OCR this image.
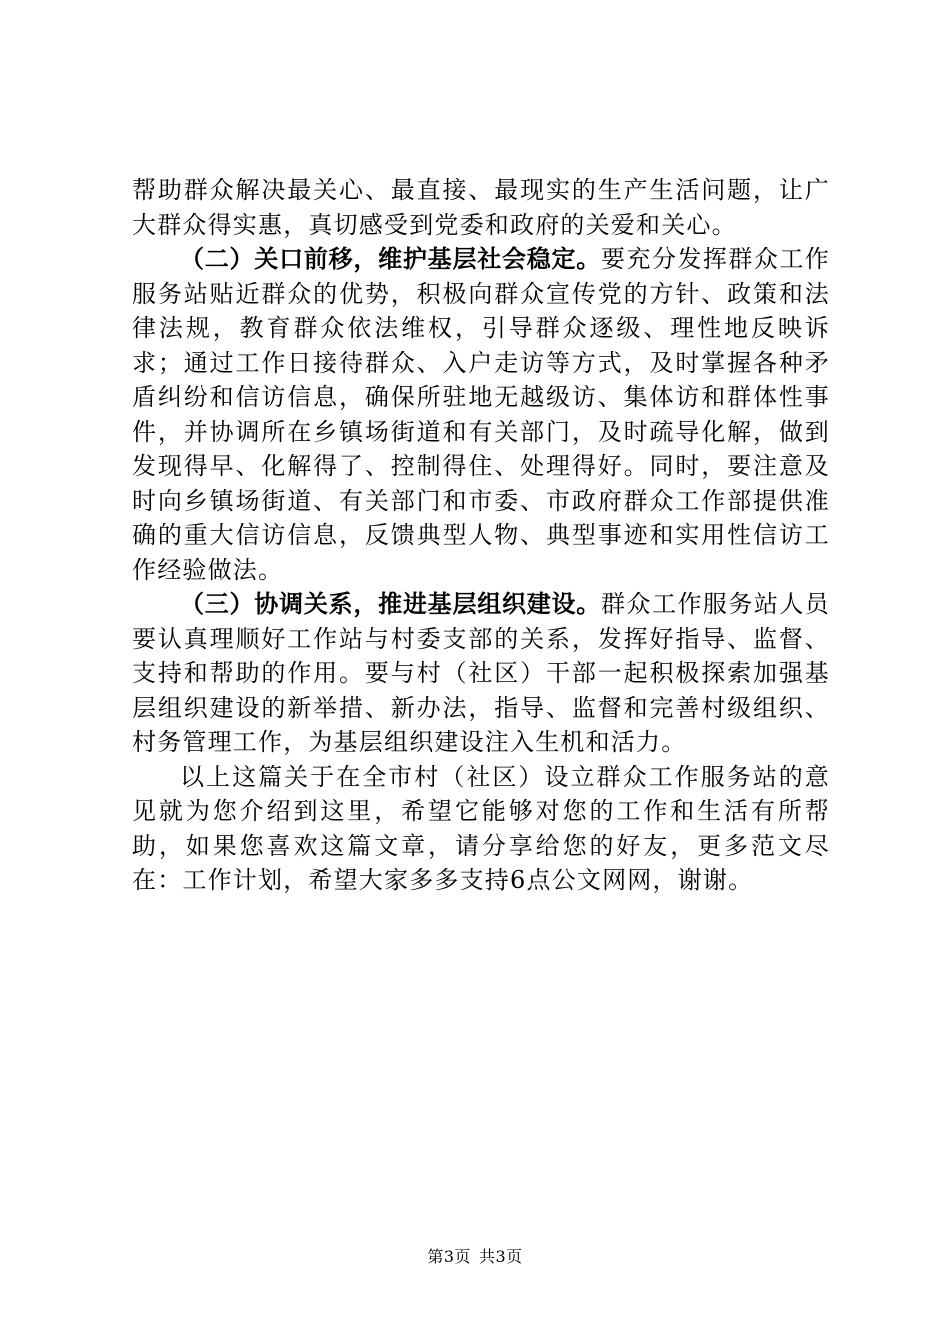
帮助群众解决最关心、最直接、最现实的生产生活问题，让广大群众得实惠，真切感受到党委和政府的关爱和关心。

（二）关口前移，维护基层社会稳定。要充分发挥群众工作服务站贴近群众的优势，积极向群众宣传党的方针、政策和法律法规，教育群众依法维权，引导群众逐级、理性地反映诉求；通过工作日接待群众、入户走访等方式，及时掌握各种矛盾纠纷和信访信息，确保所驻地无越级访、集体访和群体性事件，并协调所在乡镇场街道和有关部门，及时疏导化解，做到发现得早、化解得了、控制得住、处理得好。同时，要注意及时向乡镇场街道、有关部门和市委、市政府群众工作部提供准确的重大信访信息，反馈典型人物、典型事迹和实用性信访工作经验做法。

（三）协调关系，推进基层组织建设。群众工作服务站人员要认真理顺好工作站与村委支部的关系，发挥好指导、监督、支持和帮助的作用。要与村（社区）干部一起积极探索加强基层组织建设的新举措、新办法，指导、监督和完善村级组织、村务管理工作，为基层组织建设注入生机和活力。

以上这篇关于在全市村（社区）设立群众工作服务站的意见就为您介绍到这里，希望它能够对您的工作和生活有所帮助，如果您喜欢这篇文章，请分享给您的好友，更多范文尽在：工作计划，希望大家多多支持6点公文网网，谢谢。

第3页 共3页
